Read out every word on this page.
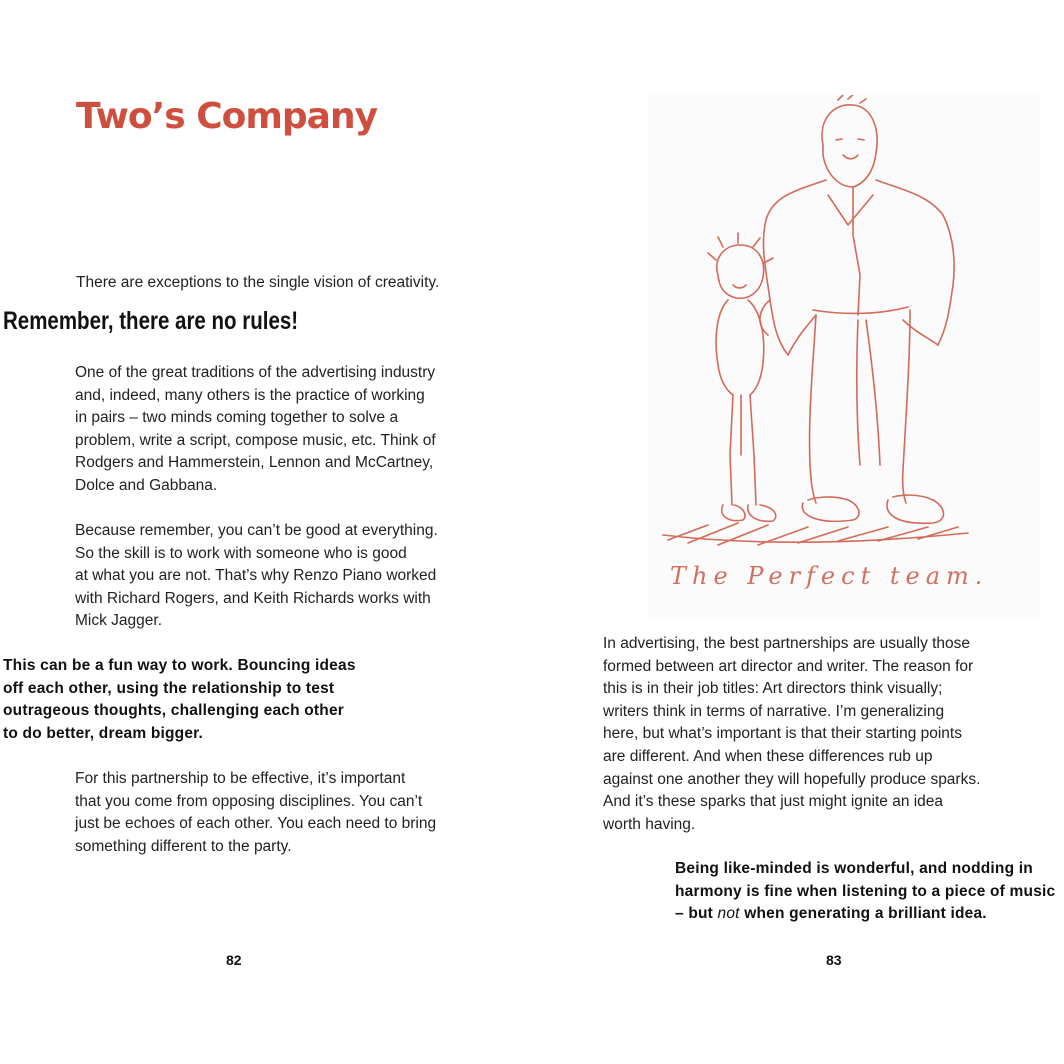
Two’s Company

There are exceptions to the single vision of creativity.

Remember, there are no rules!

One of the great traditions of the advertising industry

and, indeed, many others is the practice of working

in pairs – two minds coming together to solve a

problem, write a script, compose music, etc. Think of

Rodgers and Hammerstein, Lennon and McCartney,

Dolce and Gabbana.

Because remember, you can’t be good at everything.

So the skill is to work with someone who is good

at what you are not. That’s why Renzo Piano worked

with Richard Rogers, and Keith Richards works with

Mick Jagger.

This can be a fun way to work. Bouncing ideas

off each other, using the relationship to test

outrageous thoughts, challenging each other

to do better, dream bigger.

For this partnership to be effective, it’s important

that you come from opposing disciplines. You can’t

just be echoes of each other. You each need to bring

something different to the party.

82
The Perfect team.

In advertising, the best partnerships are usually those

formed between art director and writer. The reason for

this is in their job titles: Art directors think visually;

writers think in terms of narrative. I’m generalizing

here, but what’s important is that their starting points

are different. And when these differences rub up

against one another they will hopefully produce sparks.

And it’s these sparks that just might ignite an idea

worth having.

Being like-minded is wonderful, and nodding in

harmony is fine when listening to a piece of music

– but not when generating a brilliant idea.

83
